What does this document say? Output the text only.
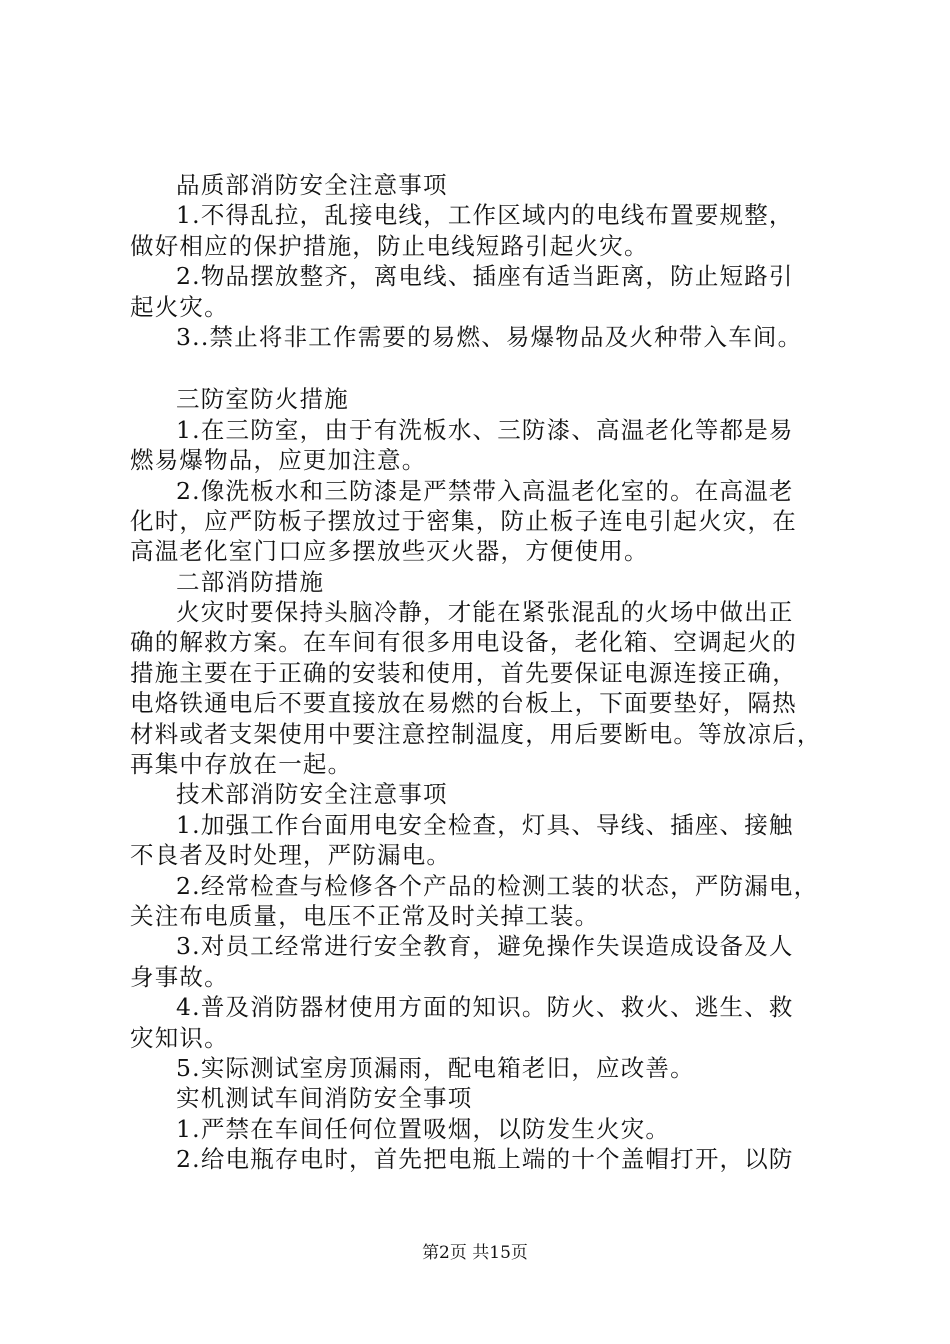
品质部消防安全注意事项
1.不得乱拉，乱接电线，工作区域内的电线布置要规整，
做好相应的保护措施，防止电线短路引起火灾。
2.物品摆放整齐，离电线、插座有适当距离，防止短路引
起火灾。
3..禁止将非工作需要的易燃、易爆物品及火种带入车间。
三防室防火措施
1.在三防室，由于有洗板水、三防漆、高温老化等都是易
燃易爆物品，应更加注意。
2.像洗板水和三防漆是严禁带入高温老化室的。在高温老
化时，应严防板子摆放过于密集，防止板子连电引起火灾，在
高温老化室门口应多摆放些灭火器，方便使用。
二部消防措施
火灾时要保持头脑冷静，才能在紧张混乱的火场中做出正
确的解救方案。在车间有很多用电设备，老化箱、空调起火的
措施主要在于正确的安装和使用，首先要保证电源连接正确，
电烙铁通电后不要直接放在易燃的台板上，下面要垫好，隔热
材料或者支架使用中要注意控制温度，用后要断电。等放凉后，
再集中存放在一起。
技术部消防安全注意事项
1.加强工作台面用电安全检查，灯具、导线、插座、接触
不良者及时处理，严防漏电。
2.经常检查与检修各个产品的检测工装的状态，严防漏电，
关注布电质量，电压不正常及时关掉工装。
3.对员工经常进行安全教育，避免操作失误造成设备及人
身事故。
4.普及消防器材使用方面的知识。防火、救火、逃生、救
灾知识。
5.实际测试室房顶漏雨，配电箱老旧，应改善。
实机测试车间消防安全事项
1.严禁在车间任何位置吸烟，以防发生火灾。
2.给电瓶存电时，首先把电瓶上端的十个盖帽打开，以防
第2页 共15页
